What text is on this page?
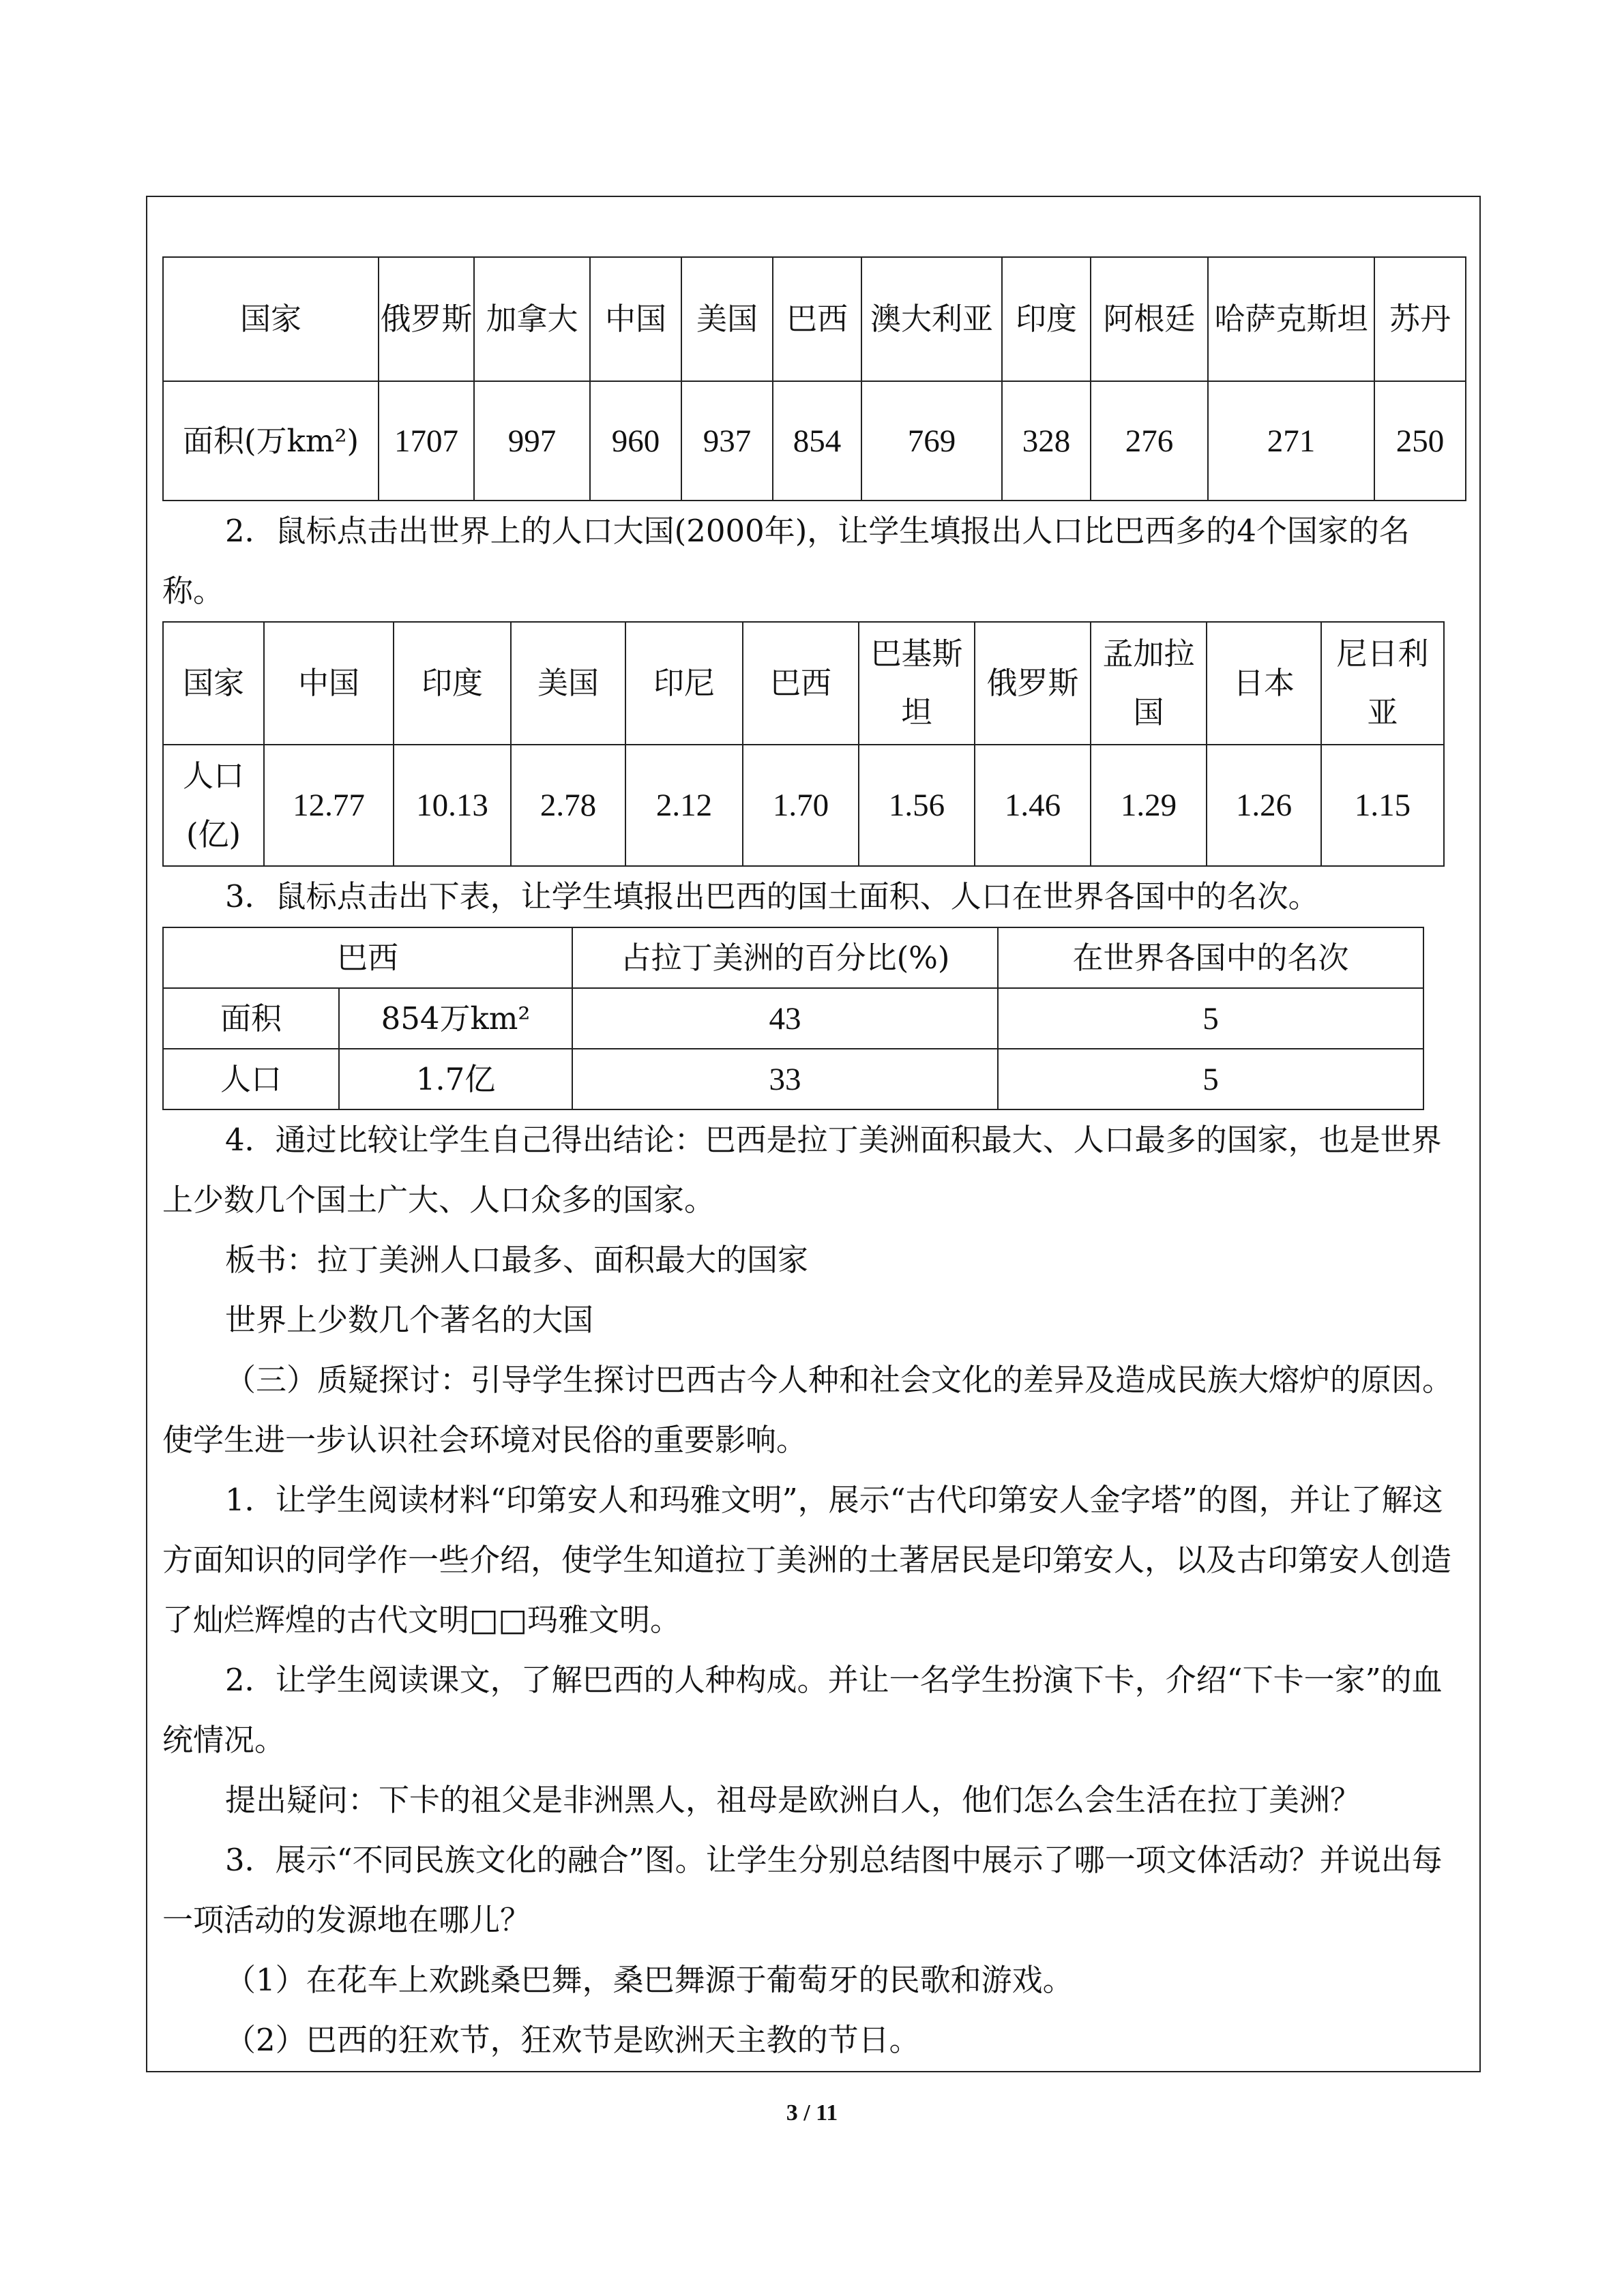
国家	俄罗斯	加拿大	中国	美国	巴西	澳大利亚	印度	阿根廷	哈萨克斯坦	苏丹
面积(万km²)	1707	997	960	937	854	769	328	276	271	250

2．鼠标点击出世界上的人口大国(2000年)，让学生填报出人口比巴西多的4个国家的名称。

国家	中国	印度	美国	印尼	巴西	巴基斯坦	俄罗斯	孟加拉国	日本	尼日利亚
人口(亿)	12.77	10.13	2.78	2.12	1.70	1.56	1.46	1.29	1.26	1.15

3．鼠标点击出下表，让学生填报出巴西的国土面积、人口在世界各国中的名次。

巴西		占拉丁美洲的百分比(%)	在世界各国中的名次
面积	854万km²	43	5
人口	1.7亿	33	5

4．通过比较让学生自己得出结论：巴西是拉丁美洲面积最大、人口最多的国家，也是世界上少数几个国土广大、人口众多的国家。

板书：拉丁美洲人口最多、面积最大的国家

世界上少数几个著名的大国

（三）质疑探讨：引导学生探讨巴西古今人种和社会文化的差异及造成民族大熔炉的原因。使学生进一步认识社会环境对民俗的重要影响。

1．让学生阅读材料“印第安人和玛雅文明”，展示“古代印第安人金字塔”的图，并让了解这方面知识的同学作一些介绍，使学生知道拉丁美洲的土著居民是印第安人，以及古印第安人创造了灿烂辉煌的古代文明□□玛雅文明。

2．让学生阅读课文，了解巴西的人种构成。并让一名学生扮演下卡，介绍“下卡一家”的血统情况。

提出疑问：下卡的祖父是非洲黑人，祖母是欧洲白人，他们怎么会生活在拉丁美洲？

3．展示“不同民族文化的融合”图。让学生分别总结图中展示了哪一项文体活动？并说出每一项活动的发源地在哪儿？

（1）在花车上欢跳桑巴舞，桑巴舞源于葡萄牙的民歌和游戏。

（2）巴西的狂欢节，狂欢节是欧洲天主教的节日。

3 / 11
